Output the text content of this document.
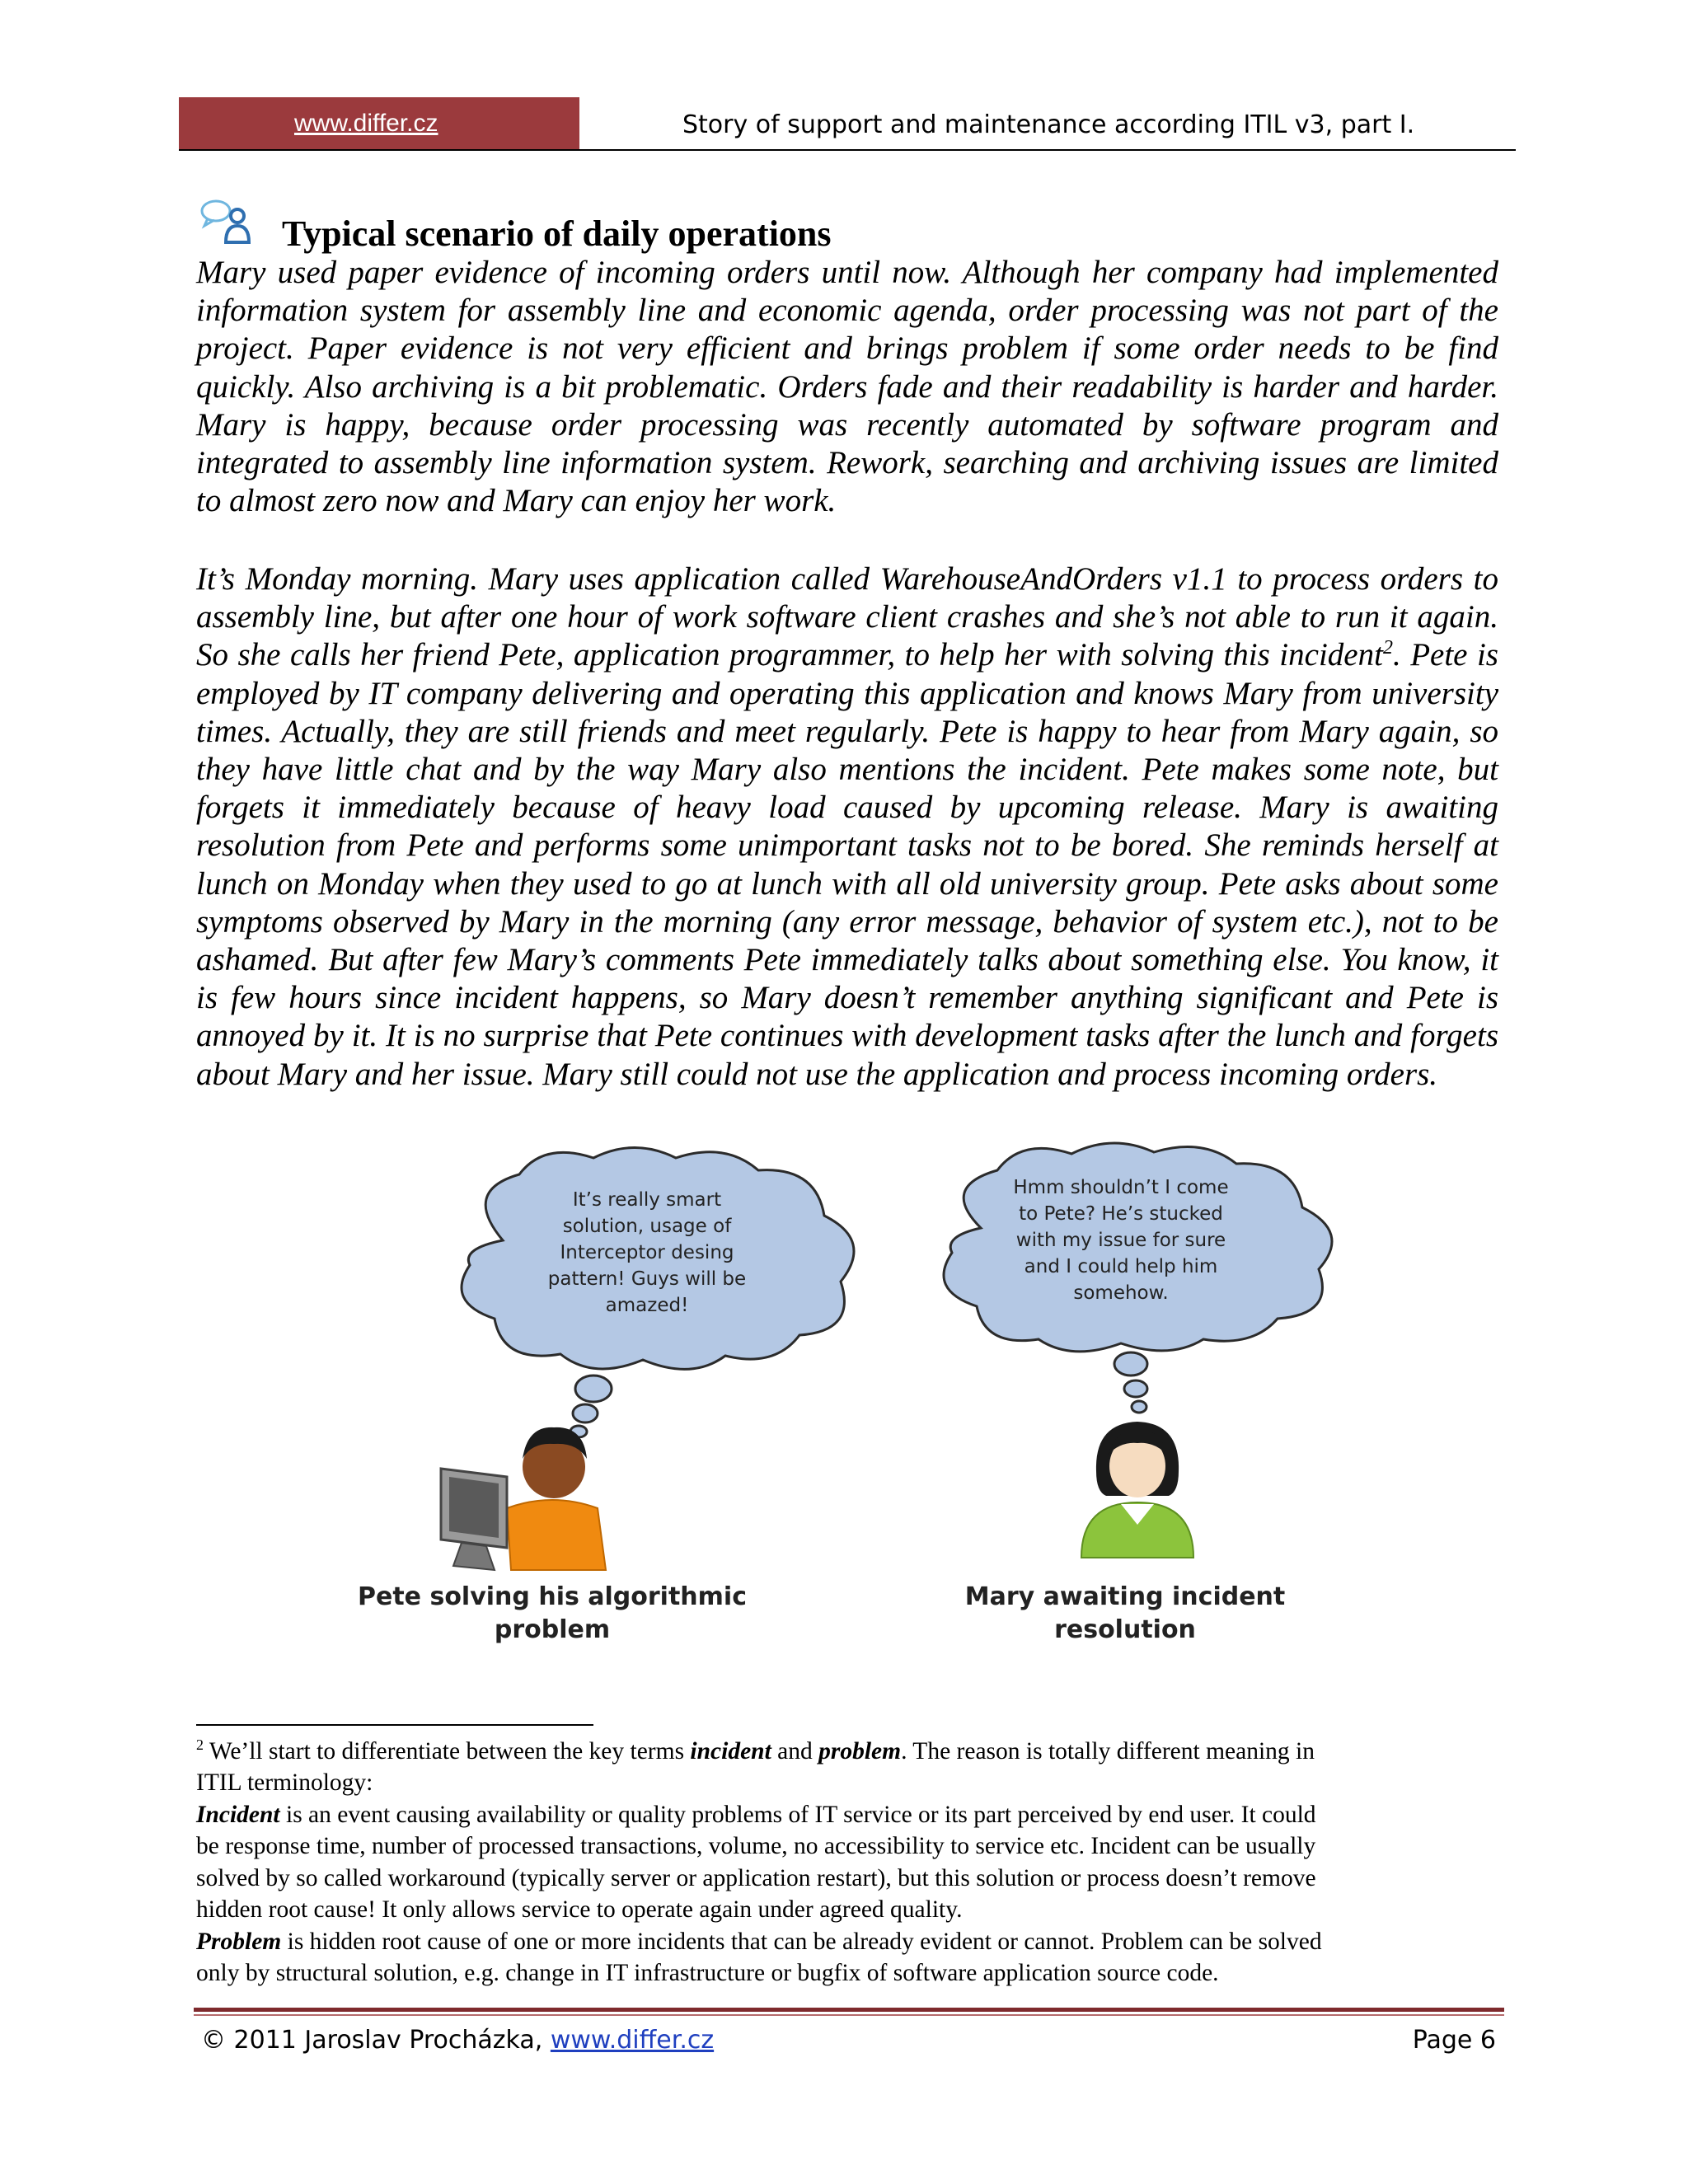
www.differ.cz	Story of support and maintenance according ITIL v3, part I.
Typical scenario of daily operations

Mary used paper evidence of incoming orders until now. Although her company had implemented information system for assembly line and economic agenda, order processing was not part of the project. Paper evidence is not very efficient and brings problem if some order needs to be find quickly. Also archiving is a bit problematic. Orders fade and their readability is harder and harder. Mary is happy, because order processing was recently automated by software program and integrated to assembly line information system. Rework, searching and archiving issues are limited to almost zero now and Mary can enjoy her work.

It’s Monday morning. Mary uses application called WarehouseAndOrders v1.1 to process orders to assembly line, but after one hour of work software client crashes and she’s not able to run it again. So she calls her friend Pete, application programmer, to help her with solving this incident$^2$. Pete is employed by IT company delivering and operating this application and knows Mary from university times. Actually, they are still friends and meet regularly. Pete is happy to hear from Mary again, so they have little chat and by the way Mary also mentions the incident. Pete makes some note, but forgets it immediately because of heavy load caused by upcoming release. Mary is awaiting resolution from Pete and performs some unimportant tasks not to be bored. She reminds herself at lunch on Monday when they used to go at lunch with all old university group. Pete asks about some symptoms observed by Mary in the morning (any error message, behavior of system etc.), not to be ashamed. But after few Mary’s comments Pete immediately talks about something else. You know, it is few hours since incident happens, so Mary doesn’t remember anything significant and Pete is annoyed by it. It is no surprise that Pete continues with development tasks after the lunch and forgets about Mary and her issue. Mary still could not use the application and process incoming orders.

It’s really smart
solution, usage of
Interceptor desing
pattern! Guys will be
amazed!
Pete solving his algorithmic
problem
Hmm shouldn’t I come
to Pete? He’s stucked
with my issue for sure
and I could help him
somehow.
Mary awaiting incident
resolution
$^2$ We’ll start to differentiate between the key terms incident and problem. The reason is totally different meaning in
ITIL terminology:
Incident is an event causing availability or quality problems of IT service or its part perceived by end user. It could
be response time, number of processed transactions, volume, no accessibility to service etc. Incident can be usually
solved by so called workaround (typically server or application restart), but this solution or process doesn’t remove
hidden root cause! It only allows service to operate again under agreed quality.
Problem is hidden root cause of one or more incidents that can be already evident or cannot. Problem can be solved
only by structural solution, e.g. change in IT infrastructure or bugfix of software application source code.
© 2011 Jaroslav Procházka, www.differ.cz	Page 6
